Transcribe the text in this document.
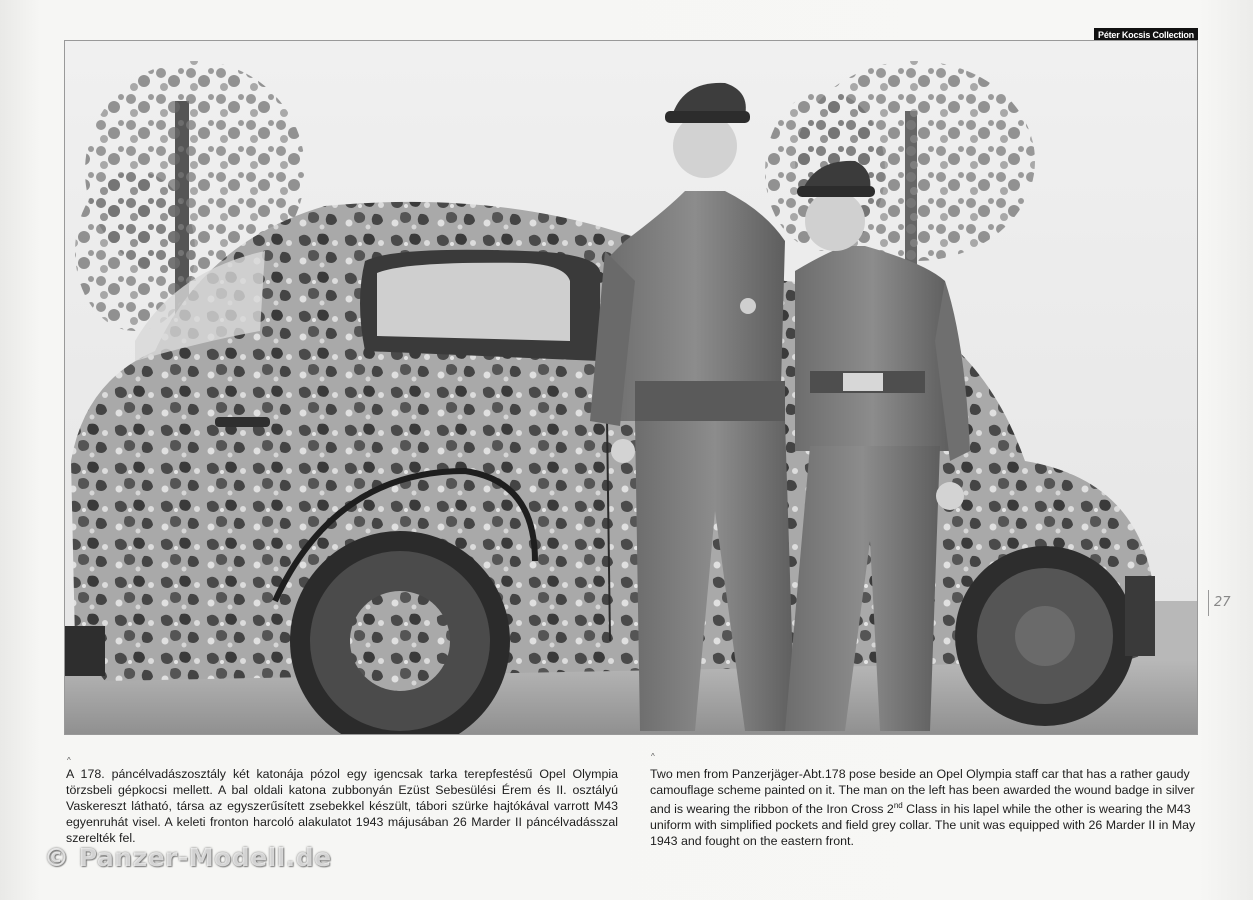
Péter Kocsis Collection
27
^
A 178. páncélvadászosztály két katonája pózol egy igencsak tarka terepfestésű Opel Olympia törzsbeli gépkocsi mellett. A bal oldali katona zubbonyán Ezüst Sebesülési Érem és II. osztályú Vaskereszt látható, társa az egyszerűsített zsebekkel készült, tábori szürke hajtókával varrott M43 egyenruhát visel. A keleti fronton harcoló alakulatot 1943 májusában 26 Marder II páncélvadásszal szerelték fel.
^
Two men from Panzerjäger-Abt.178 pose beside an Opel Olympia staff car that has a rather gaudy camouflage scheme painted on it. The man on the left has been awarded the wound badge in silver and is wearing the ribbon of the Iron Cross 2nd Class in his lapel while the other is wearing the M43 uniform with simplified pockets and field grey collar. The unit was equipped with 26 Marder II in May 1943 and fought on the eastern front.
© Panzer-Modell.de
